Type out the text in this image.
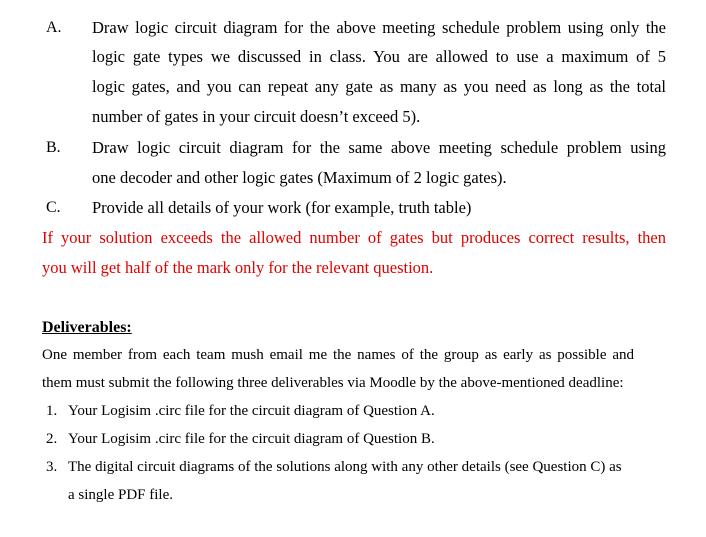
A. Draw logic circuit diagram for the above meeting schedule problem using only the
logic gate types we discussed in class. You are allowed to use a maximum of 5
logic gates, and you can repeat any gate as many as you need as long as the total
number of gates in your circuit doesn’t exceed 5).
B. Draw logic circuit diagram for the same above meeting schedule problem using
one decoder and other logic gates (Maximum of 2 logic gates).
C. Provide all details of your work (for example, truth table)
If your solution exceeds the allowed number of gates but produces correct results, then
you will get half of the mark only for the relevant question.
Deliverables:
One member from each team mush email me the names of the group as early as possible and
them must submit the following three deliverables via Moodle by the above-mentioned deadline:
1. Your Logisim .circ file for the circuit diagram of Question A.
2. Your Logisim .circ file for the circuit diagram of Question B.
3. The digital circuit diagrams of the solutions along with any other details (see Question C) as
a single PDF file.
